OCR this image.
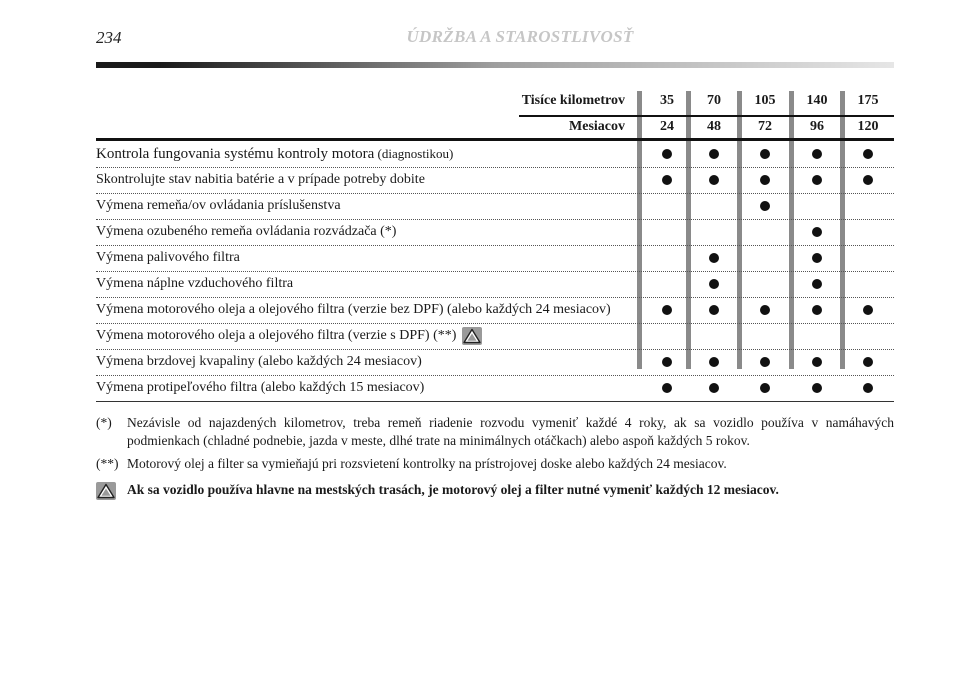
234	ÚDRŽBA A STAROSTLIVOSŤ
Tisíce kilometrov
Mesiacov
35
24
70
48
105
72
140
96
175
120
Kontrola fungovania systému kontroly motora (diagnostikou)
Skontrolujte stav nabitia batérie a v prípade potreby dobite
Výmena remeňa/ov ovládania príslušenstva
Výmena ozubeného remeňa ovládania rozvádzača (*)
Výmena palivového filtra
Výmena náplne vzduchového filtra
Výmena motorového oleja a olejového filtra (verzie bez DPF) (alebo každých 24 mesiacov)
Výmena motorového oleja a olejového filtra (verzie s DPF) (**)
Výmena brzdovej kvapaliny (alebo každých 24 mesiacov)
Výmena protipeľového filtra (alebo každých 15 mesiacov)
(*) Nezávisle od najazdených kilometrov, treba remeň riadenie rozvodu vymeniť každé 4 roky, ak sa vozidlo používa v namáhavých podmienkach (chladné podnebie, jazda v meste, dlhé trate na minimálnych otáčkach) alebo aspoň každých 5 rokov.
(**) Motorový olej a filter sa vymieňajú pri rozsvietení kontrolky na prístrojovej doske alebo každých 24 mesiacov.
Ak sa vozidlo používa hlavne na mestských trasách, je motorový olej a filter nutné vymeniť každých 12 mesiacov.
